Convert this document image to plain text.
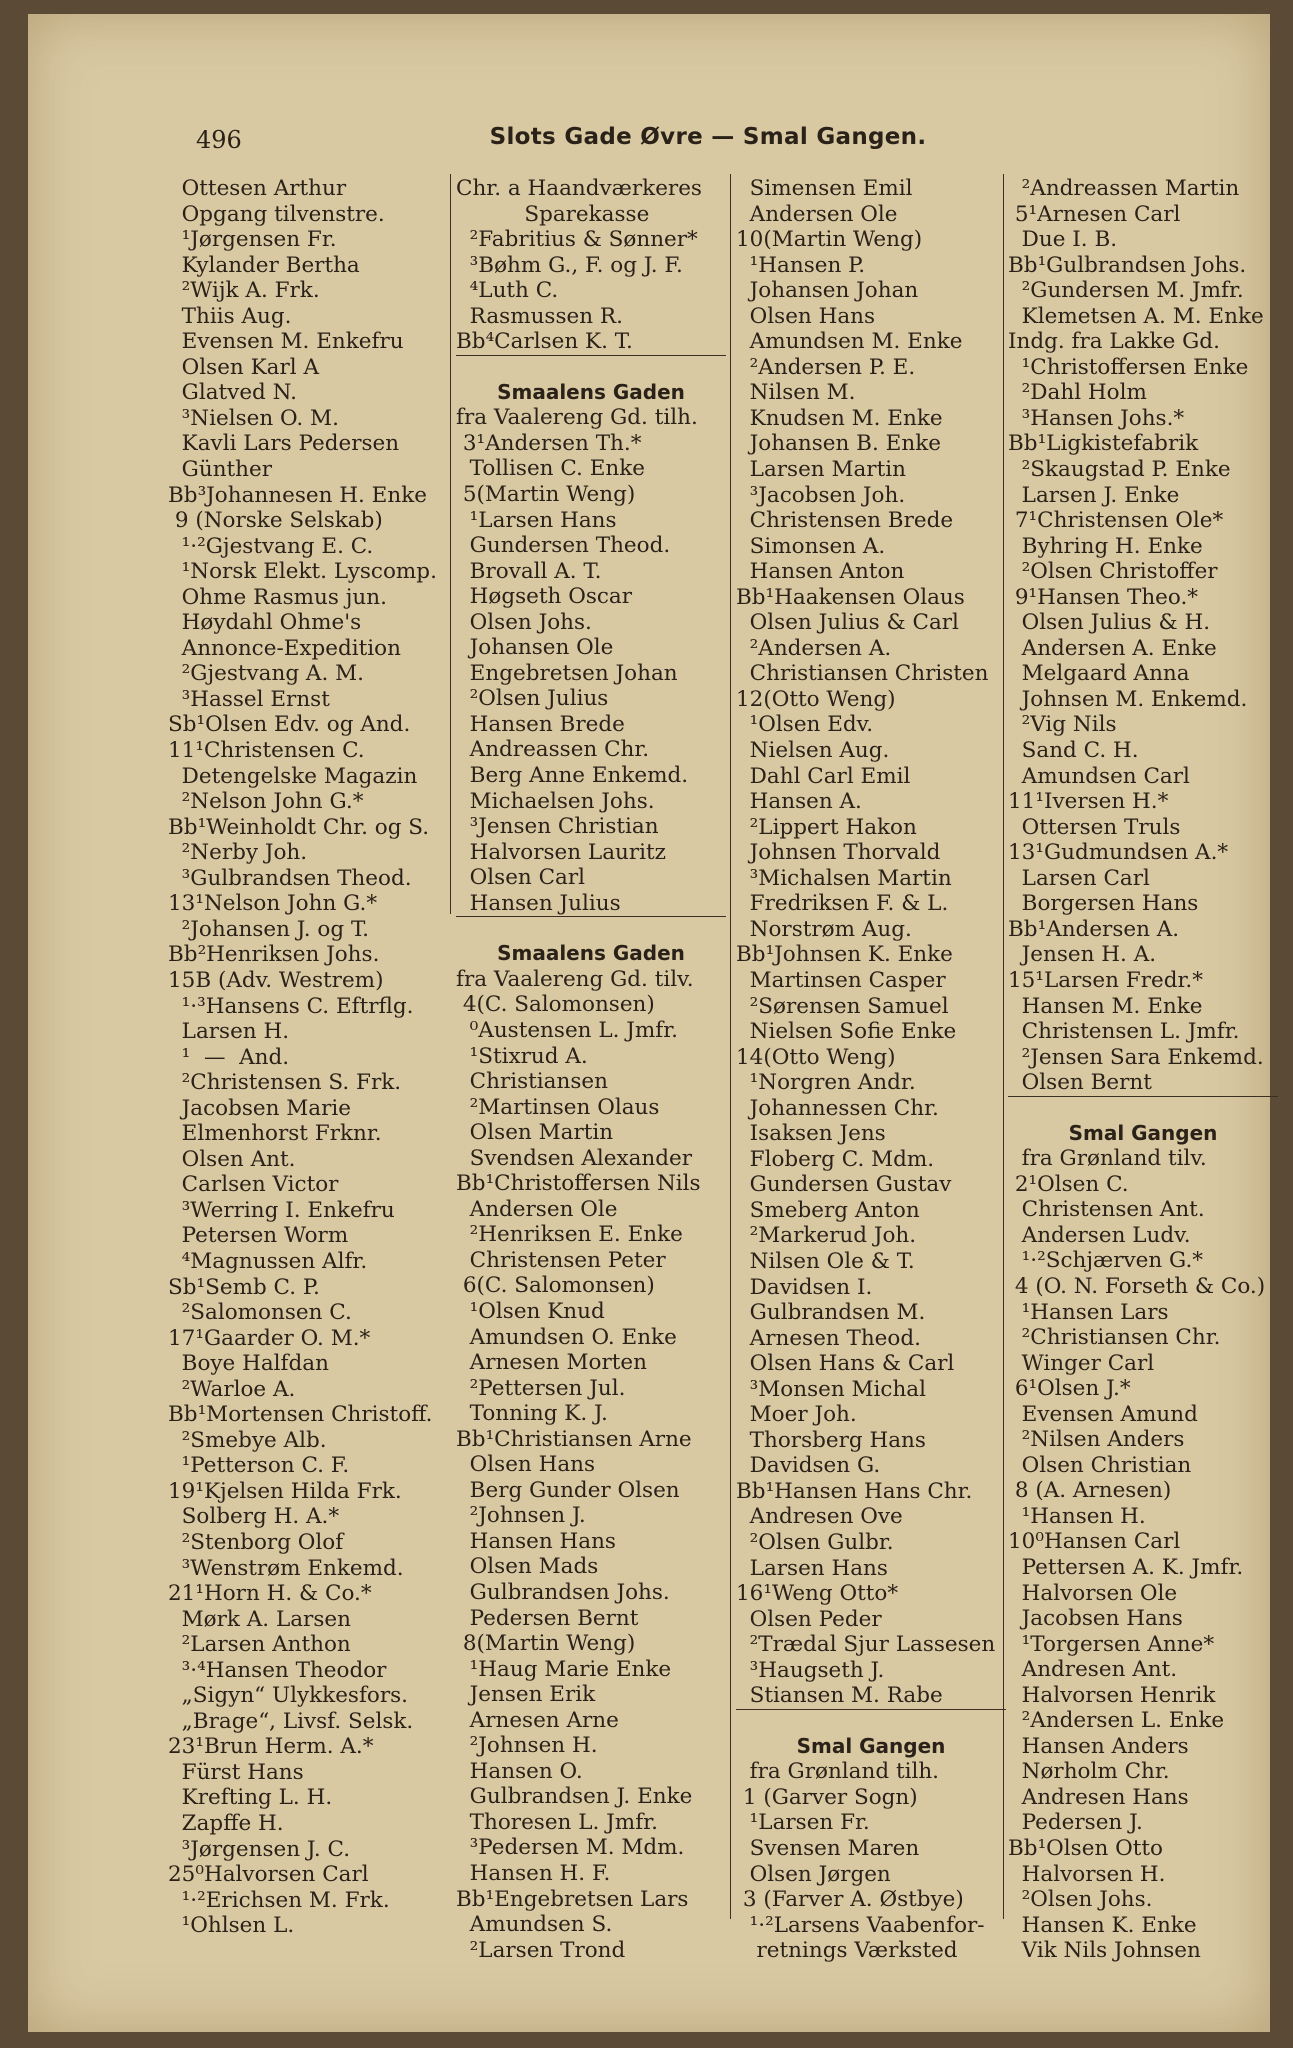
496	Slots Gade Øvre — Smal Gangen.
Ottesen Arthur
Opgang tilvenstre.
¹Jørgensen Fr.
Kylander Bertha
²Wijk A. Frk.
Thiis Aug.
Evensen M. Enkefru
Olsen Karl A
Glatved N.
³Nielsen O. M.
Kavli Lars Pedersen
Günther
Bb³Johannesen H. Enke
9 (Norske Selskab)
¹·²Gjestvang E. C.
¹Norsk Elekt. Lyscomp.
Ohme Rasmus jun.
Høydahl Ohme's
Annonce-Expedition
²Gjestvang A. M.
³Hassel Ernst
Sb¹Olsen Edv. og And.
11¹Christensen C.
Detengelske Magazin
²Nelson John G.*
Bb¹Weinholdt Chr. og S.
²Nerby Joh.
³Gulbrandsen Theod.
13¹Nelson John G.*
²Johansen J. og T.
Bb²Henriksen Johs.
15B (Adv. Westrem)
¹·³Hansens C. Eftrflg.
Larsen H.
¹  —  And.
²Christensen S. Frk.
Jacobsen Marie
Elmenhorst Frknr.
Olsen Ant.
Carlsen Victor
³Werring I. Enkefru
Petersen Worm
⁴Magnussen Alfr.
Sb¹Semb C. P.
²Salomonsen C.
17¹Gaarder O. M.*
Boye Halfdan
²Warloe A.
Bb¹Mortensen Christoff.
²Smebye Alb.
¹Petterson C. F.
19¹Kjelsen Hilda Frk.
Solberg H. A.*
²Stenborg Olof
³Wenstrøm Enkemd.
21¹Horn H. & Co.*
Mørk A. Larsen
²Larsen Anthon
³·⁴Hansen Theodor
„Sigyn“ Ulykkesfors.
„Brage“, Livsf. Selsk.
23¹Brun Herm. A.*
Fürst Hans
Krefting L. H.
Zapffe H.
³Jørgensen J. C.
25⁰Halvorsen Carl
¹·²Erichsen M. Frk.
¹Ohlsen L.
Chr. a Haandværkeres
Sparekasse
²Fabritius & Sønner*
³Bøhm G., F. og J. F.
⁴Luth C.
Rasmussen R.
Bb⁴Carlsen K. T.
Smaalens Gaden
fra Vaalereng Gd. tilh.
3¹Andersen Th.*
Tollisen C. Enke
5(Martin Weng)
¹Larsen Hans
Gundersen Theod.
Brovall A. T.
Høgseth Oscar
Olsen Johs.
Johansen Ole
Engebretsen Johan
²Olsen Julius
Hansen Brede
Andreassen Chr.
Berg Anne Enkemd.
Michaelsen Johs.
³Jensen Christian
Halvorsen Lauritz
Olsen Carl
Hansen Julius
Smaalens Gaden
fra Vaalereng Gd. tilv.
4(C. Salomonsen)
⁰Austensen L. Jmfr.
¹Stixrud A.
Christiansen
²Martinsen Olaus
Olsen Martin
Svendsen Alexander
Bb¹Christoffersen Nils
Andersen Ole
²Henriksen E. Enke
Christensen Peter
6(C. Salomonsen)
¹Olsen Knud
Amundsen O. Enke
Arnesen Morten
²Pettersen Jul.
Tonning K. J.
Bb¹Christiansen Arne
Olsen Hans
Berg Gunder Olsen
²Johnsen J.
Hansen Hans
Olsen Mads
Gulbrandsen Johs.
Pedersen Bernt
8(Martin Weng)
¹Haug Marie Enke
Jensen Erik
Arnesen Arne
²Johnsen H.
Hansen O.
Gulbrandsen J. Enke
Thoresen L. Jmfr.
³Pedersen M. Mdm.
Hansen H. F.
Bb¹Engebretsen Lars
Amundsen S.
²Larsen Trond
Simensen Emil
Andersen Ole
10(Martin Weng)
¹Hansen P.
Johansen Johan
Olsen Hans
Amundsen M. Enke
²Andersen P. E.
Nilsen M.
Knudsen M. Enke
Johansen B. Enke
Larsen Martin
³Jacobsen Joh.
Christensen Brede
Simonsen A.
Hansen Anton
Bb¹Haakensen Olaus
Olsen Julius & Carl
²Andersen A.
Christiansen Christen
12(Otto Weng)
¹Olsen Edv.
Nielsen Aug.
Dahl Carl Emil
Hansen A.
²Lippert Hakon
Johnsen Thorvald
³Michalsen Martin
Fredriksen F. & L.
Norstrøm Aug.
Bb¹Johnsen K. Enke
Martinsen Casper
²Sørensen Samuel
Nielsen Sofie Enke
14(Otto Weng)
¹Norgren Andr.
Johannessen Chr.
Isaksen Jens
Floberg C. Mdm.
Gundersen Gustav
Smeberg Anton
²Markerud Joh.
Nilsen Ole & T.
Davidsen I.
Gulbrandsen M.
Arnesen Theod.
Olsen Hans & Carl
³Monsen Michal
Moer Joh.
Thorsberg Hans
Davidsen G.
Bb¹Hansen Hans Chr.
Andresen Ove
²Olsen Gulbr.
Larsen Hans
16¹Weng Otto*
Olsen Peder
²Trædal Sjur Lassesen
³Haugseth J.
Stiansen M. Rabe
Smal Gangen
fra Grønland tilh.
1 (Garver Sogn)
¹Larsen Fr.
Svensen Maren
Olsen Jørgen
3 (Farver A. Østbye)
¹·²Larsens Vaabenfor-
retnings Værksted
²Andreassen Martin
5¹Arnesen Carl
Due I. B.
Bb¹Gulbrandsen Johs.
²Gundersen M. Jmfr.
Klemetsen A. M. Enke
Indg. fra Lakke Gd.
¹Christoffersen Enke
²Dahl Holm
³Hansen Johs.*
Bb¹Ligkistefabrik
²Skaugstad P. Enke
Larsen J. Enke
7¹Christensen Ole*
Byhring H. Enke
²Olsen Christoffer
9¹Hansen Theo.*
Olsen Julius & H.
Andersen A. Enke
Melgaard Anna
Johnsen M. Enkemd.
²Vig Nils
Sand C. H.
Amundsen Carl
11¹Iversen H.*
Ottersen Truls
13¹Gudmundsen A.*
Larsen Carl
Borgersen Hans
Bb¹Andersen A.
Jensen H. A.
15¹Larsen Fredr.*
Hansen M. Enke
Christensen L. Jmfr.
²Jensen Sara Enkemd.
Olsen Bernt
Smal Gangen
fra Grønland tilv.
2¹Olsen C.
Christensen Ant.
Andersen Ludv.
¹·²Schjærven G.*
4 (O. N. Forseth & Co.)
¹Hansen Lars
²Christiansen Chr.
Winger Carl
6¹Olsen J.*
Evensen Amund
²Nilsen Anders
Olsen Christian
8 (A. Arnesen)
¹Hansen H.
10⁰Hansen Carl
Pettersen A. K. Jmfr.
Halvorsen Ole
Jacobsen Hans
¹Torgersen Anne*
Andresen Ant.
Halvorsen Henrik
²Andersen L. Enke
Hansen Anders
Nørholm Chr.
Andresen Hans
Pedersen J.
Bb¹Olsen Otto
Halvorsen H.
²Olsen Johs.
Hansen K. Enke
Vik Nils Johnsen
